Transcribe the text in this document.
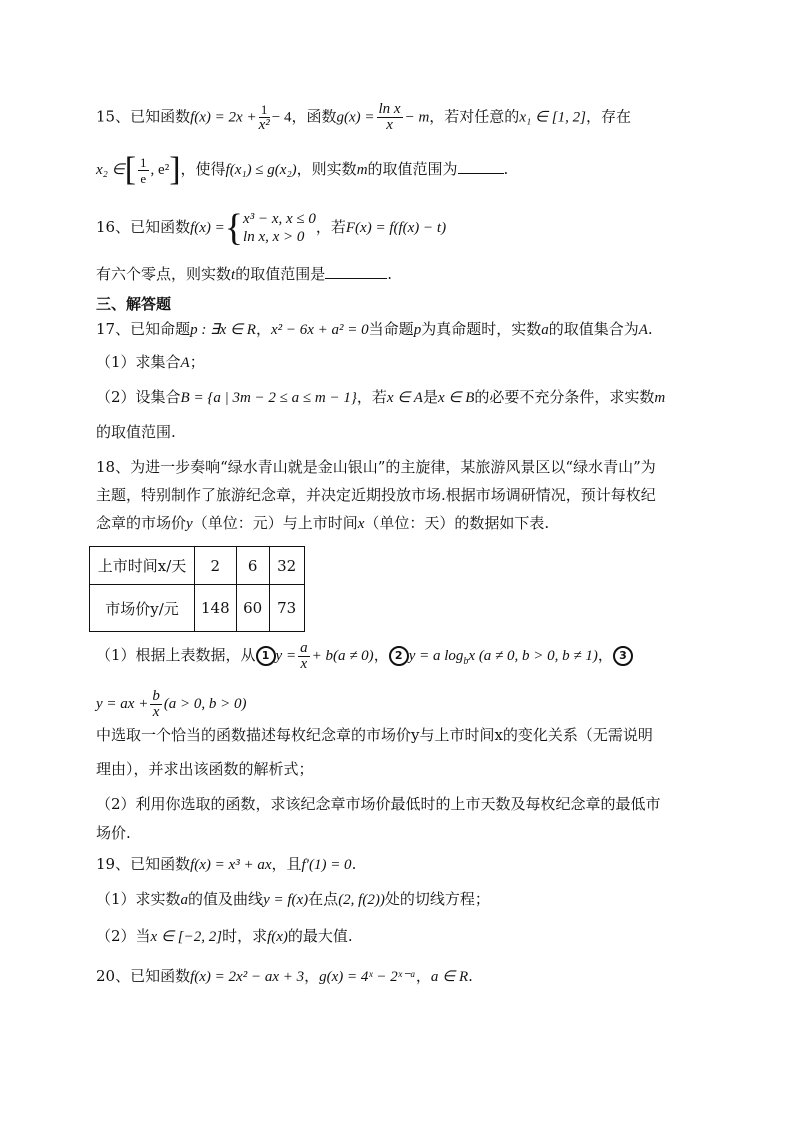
15、已知函数$f(x) = 2x + \frac{1}{\text{x²}} - 4$，函数$g(x) = \frac{\text{ln x}}{x} - m$，若对任意的x₁ ∈ [1, 2]，存在
x₂ ∈[ $\frac{1}{e}$ , e²]，使得f(x₁) ≤ g(x₂)，则实数m的取值范围为	.
16、已知函数f(x) ={ x³ − x, x ≤ 0
ln x, x > 0
，若F(x) = f(f(x) − t)
有六个零点，则实数t的取值范围是	.
三、解答题
17、已知命题p : ∃x ∈ R，x² − 6x + a² = 0当命题p为真命题时，实数a的取值集合为A.
（1）求集合A；
（2）设集合B = {a | 3m − 2 ≤ a ≤ m − 1}，若x ∈ A是x ∈ B的必要不充分条件，求实数m
的取值范围.
18、为进一步奏响“绿水青山就是金山银山”的主旋律，某旅游风景区以“绿水青山”为
主题，特别制作了旅游纪念章，并决定近期投放市场.根据市场调研情况，预计每枚纪
念章的市场价y（单位：元）与上市时间x（单位：天）的数据如下表.
上市时间x/天	2	6	32
市场价y/元	148	60	73
（1）根据上表数据，从 1 $y = \frac{a}{x} + b(a \ne 0)$， 2 y = a $\log_bx$ (a ≠ 0, b > 0, b ≠ 1)， 3
y = ax + $\frac{b}{x} (a > 0$, b > 0)
中选取一个恰当的函数描述每枚纪念章的市场价y与上市时间x的变化关系（无需说明
理由），并求出该函数的解析式；
（2）利用你选取的函数，求该纪念章市场价最低时的上市天数及每枚纪念章的最低市
场价.
19、已知函数f(x) = x³ + ax，且f′(1) = 0.
（1）求实数a的值及曲线y = f(x)在点(2, f(2))处的切线方程；
（2）当x ∈ [−2, 2]时，求f(x)的最大值.
20、已知函数f(x) = 2x² − ax + 3，g(x) = 4ˣ − 2ˣ⁻ᵃ，a ∈ R.
